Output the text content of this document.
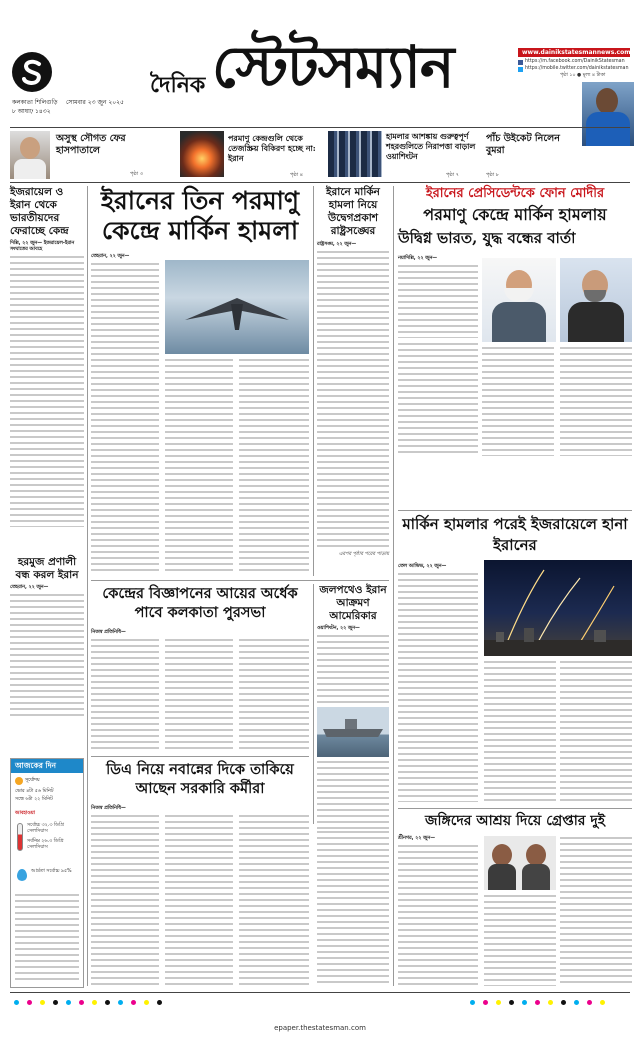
কলকাতা শিলিগুড়ি সোমবার ২৩ জুন ২০২৫
৮ আষাঢ় ১৪৩২
দৈনিক স্টেটসম্যান	www.dainikstatesmannews.com
https://m.facebook.com/DainikStatesman
https://mobile.twitter.com/dainikstatesman
পৃষ্ঠা ১০ ● মূল্য ৪ টাকা
অসুস্থ সৌগত ফের হাসপাতালে
পৃষ্ঠা ৩
পরমাণু কেন্দ্রগুলি থেকে তেজস্ক্রিয় বিকিরণ হচ্ছে না: ইরান
পৃষ্ঠা ৪
হামলার আশঙ্কায় গুরুত্বপূর্ণ শহরগুলিতে নিরাপত্তা বাড়াল ওয়াশিংটন
পৃষ্ঠা ৭
পাঁচ উইকেট নিলেন বুমরা
পৃষ্ঠা ৮
ইজরায়েল ও ইরান থেকে ভারতীয়দের ফেরাচ্ছে কেন্দ্র
দিল্লি, ২২ জুন— ইজরায়েল-ইরান সংঘাতের আবহে
হরমুজ প্রণালী বন্ধ করল ইরান
তেহরান, ২২ জুন—
আজকের দিন
সূর্যোদয়
ভোর ৪টা ৫৬ মিনিট
সন্ধে ৬টা ২২ মিনিট
আবহাওয়া
সর্বোচ্চ ৩২.৩ ডিগ্রি সেলসিয়াস
সর্বনিম্ন ২৬.৩ ডিগ্রি সেলসিয়াস
আর্দ্রতা সর্বোচ্চ ৯৫%
ইরানের তিন পরমাণু কেন্দ্রে মার্কিন হামলা
তেহরান, ২২ জুন—
ইরানে মার্কিন হামলা নিয়ে উদ্বেগপ্রকাশ রাষ্ট্রসঙ্ঘের
রাষ্ট্রসঙ্ঘ, ২২ জুন—
এরপর পৃষ্ঠার পরের পাতায়
ইরানের প্রেসিডেন্টকে ফোন মোদীর
পরমাণু কেন্দ্রে মার্কিন হামলায়
উদ্বিগ্ন ভারত, যুদ্ধ বন্ধের বার্তা
নয়াদিল্লি, ২২ জুন—
মার্কিন হামলার পরেই ইজরায়েলে হানা ইরানের
তেল আভিভ, ২২ জুন—
কেন্দ্রের বিজ্ঞাপনের আয়ের অর্ধেক পাবে কলকাতা পুরসভা
নিজস্ব প্রতিনিধি—
জলপথেও ইরান আক্রমণ আমেরিকার
ওয়াশিংটন, ২২ জুন—
ডিএ নিয়ে নবান্নের দিকে তাকিয়ে আছেন সরকারি কর্মীরা
নিজস্ব প্রতিনিধি—
জঙ্গিদের আশ্রয় দিয়ে গ্রেপ্তার দুই
শ্রীনগর, ২২ জুন—
epaper.thestatesman.com
